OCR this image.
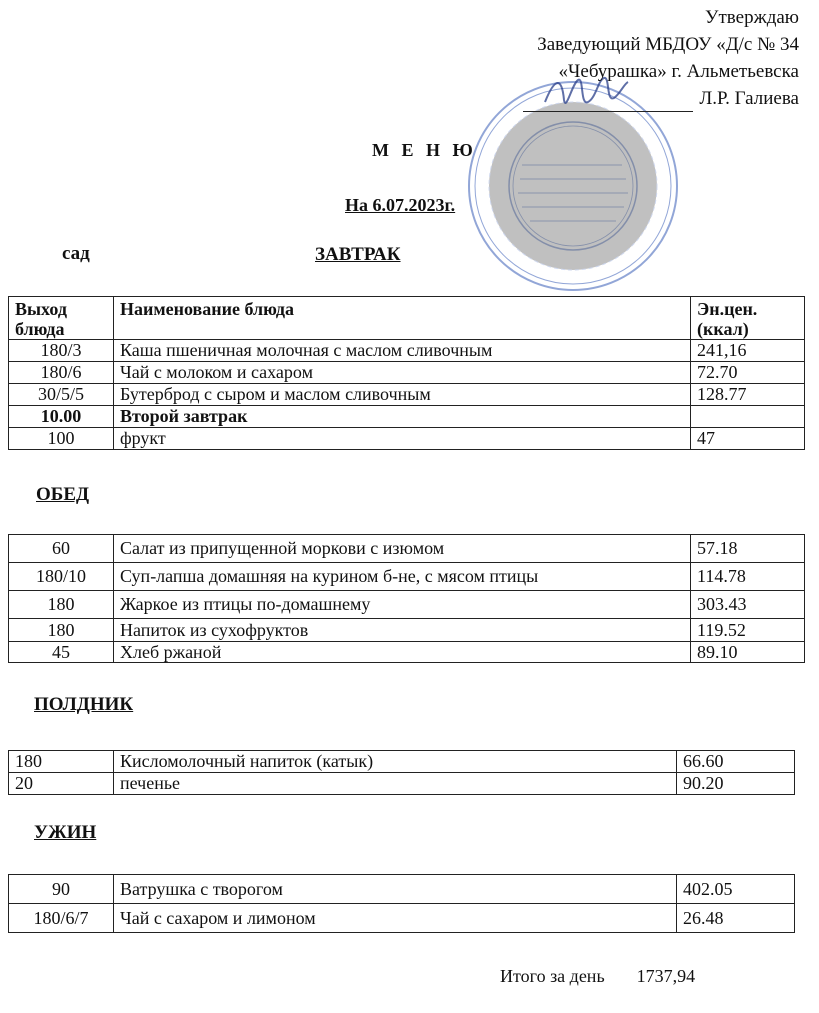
Утверждаю
Заведующий МБДОУ «Д/с № 34
«Чебурашка» г. Альметьевска
Л.Р. Галиева
М Е Н Ю
На 6.07.2023г.
сад	ЗАВТРАК
Выход блюда	Наименование блюда	Эн.цен. (ккал)
180/3	Каша пшеничная молочная с маслом сливочным	241,16
180/6	Чай с молоком и сахаром	72.70
30/5/5	Бутерброд с сыром и маслом сливочным	128.77
10.00	Второй завтрак	
100	фрукт	47
ОБЕД
60	Салат из припущенной моркови с изюмом	57.18
180/10	Суп-лапша домашняя на курином б-не, с мясом птицы	114.78
180	Жаркое из птицы по-домашнему	303.43
180	Напиток из сухофруктов	119.52
45	Хлеб ржаной	89.10
ПОЛДНИК
180	Кисломолочный напиток (катык)	66.60
20	печенье	90.20
УЖИН
90	Ватрушка с творогом	402.05
180/6/7	Чай с сахаром и лимоном	26.48
Итого за день 1737,94
